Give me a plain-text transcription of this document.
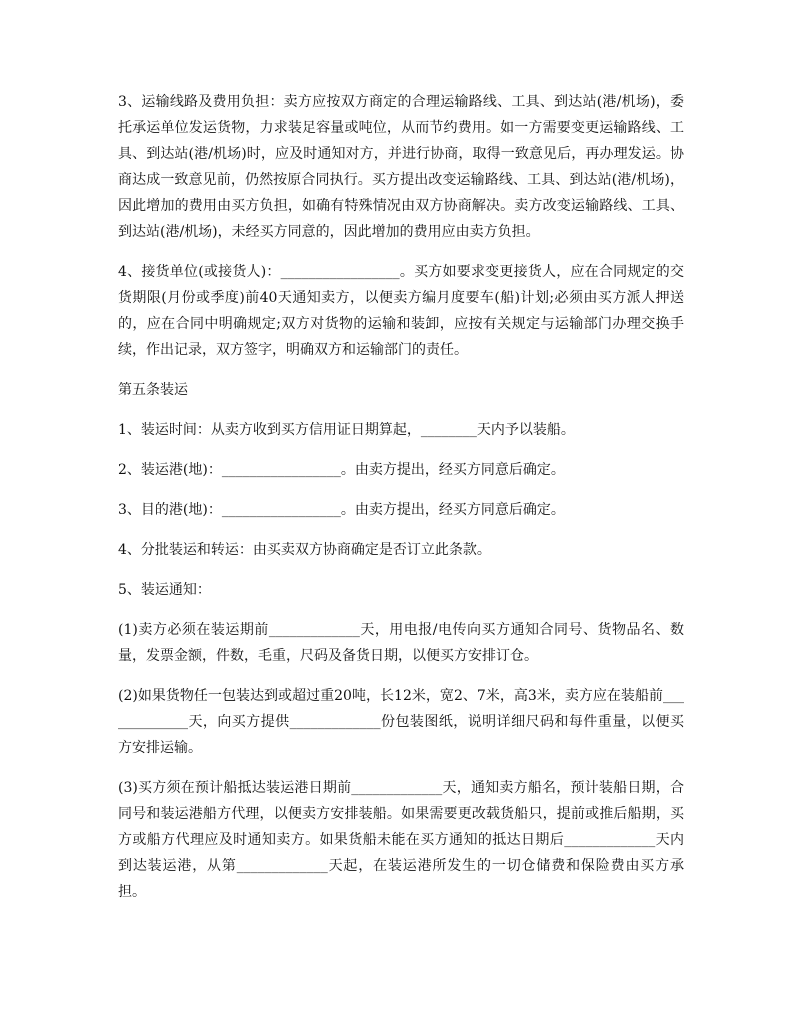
3、运输线路及费用负担：卖方应按双方商定的合理运输路线、工具、到达站(港/机场)，委托承运单位发运货物，力求装足容量或吨位，从而节约费用。如一方需要变更运输路线、工具、到达站(港/机场)时，应及时通知对方，并进行协商，取得一致意见后，再办理发运。协商达成一致意见前，仍然按原合同执行。买方提出改变运输路线、工具、到达站(港/机场)，因此增加的费用由买方负担，如确有特殊情况由双方协商解决。卖方改变运输路线、工具、到达站(港/机场)，未经买方同意的，因此增加的费用应由卖方负担。

4、接货单位(或接货人)：_________________。买方如要求变更接货人，应在合同规定的交货期限(月份或季度)前40天通知卖方，以便卖方编月度要车(船)计划;必须由买方派人押送的，应在合同中明确规定;双方对货物的运输和装卸，应按有关规定与运输部门办理交换手续，作出记录，双方签字，明确双方和运输部门的责任。

第五条装运

1、装运时间：从卖方收到买方信用证日期算起，________天内予以装船。

2、装运港(地)：_________________。由卖方提出，经买方同意后确定。

3、目的港(地)：_________________。由卖方提出，经买方同意后确定。

4、分批装运和转运：由买卖双方协商确定是否订立此条款。

5、装运通知：

(1)卖方必须在装运期前_____________天，用电报/电传向买方通知合同号、货物品名、数量，发票金额，件数，毛重，尺码及备货日期，以便买方安排订仓。

(2)如果货物任一包装达到或超过重20吨，长12米，宽2、7米，高3米，卖方应在装船前_____________天，向买方提供_____________份包装图纸，说明详细尺码和每件重量，以便买方安排运输。

(3)买方须在预计船抵达装运港日期前_____________天，通知卖方船名，预计装船日期，合同号和装运港船方代理，以便卖方安排装船。如果需要更改载货船只，提前或推后船期，买方或船方代理应及时通知卖方。如果货船未能在买方通知的抵达日期后_____________天内到达装运港，从第_____________天起，在装运港所发生的一切仓储费和保险费由买方承担。
